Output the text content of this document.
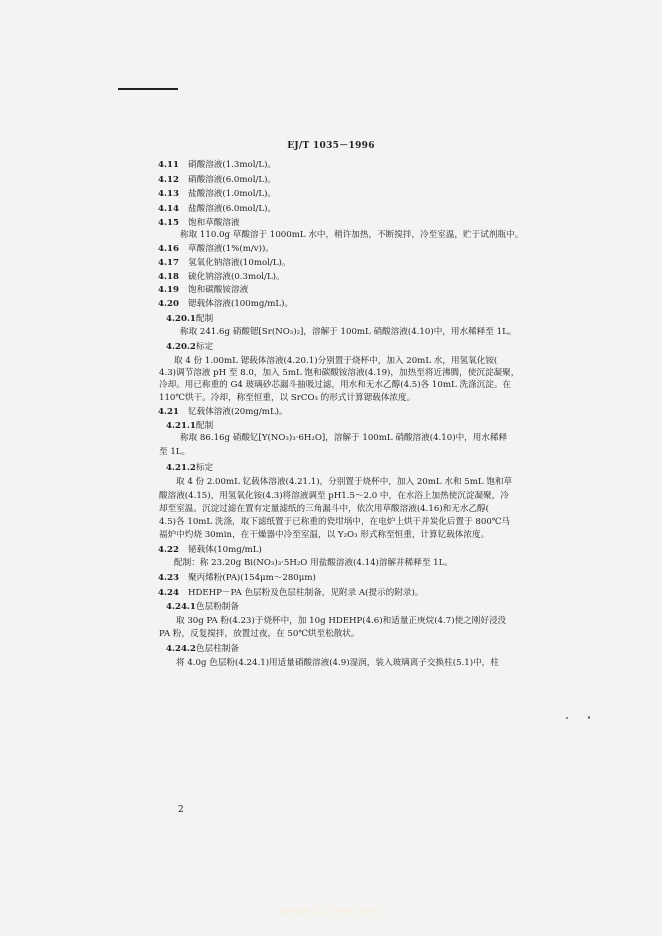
EJ/T 1035－1996
4.11 硝酸溶液(1.3mol/L)。
4.12 硝酸溶液(6.0mol/L)。
4.13 盐酸溶液(1.0mol/L)。
4.14 盐酸溶液(6.0mol/L)。
4.15 饱和草酸溶液
称取 110.0g 草酸溶于 1000mL 水中，稍许加热，不断搅拌，冷至室温，贮于试剂瓶中。
4.16 草酸溶液(1%(m/v))。
4.17 氢氧化钠溶液(10mol/L)。
4.18 硫化钠溶液(0.3mol/L)。
4.19 饱和碳酸铵溶液
4.20 锶载体溶液(100mg/mL)。
4.20.1配制
称取 241.6g 硝酸锶[Sr(NO₃)₂]，溶解于 100mL 硝酸溶液(4.10)中，用水稀释至 1L。
4.20.2标定
取 4 份 1.00mL 锶载体溶液(4.20.1)分别置于烧杯中，加入 20mL 水，用氢氧化铵(
4.3)调节溶液 pH 至 8.0，加入 5mL 饱和碳酸铵溶液(4.19)，加热至将近沸腾，使沉淀凝聚，
冷却。用已称重的 G4 玻璃砂芯漏斗抽吸过滤，用水和无水乙醇(4.5)各 10mL 洗涤沉淀。在
110℃烘干。冷却，称至恒重，以 SrCO₃ 的形式计算锶载体浓度。
4.21 钇载体溶液(20mg/mL)。
4.21.1配制
称取 86.16g 硝酸钇[Y(NO₃)₃·6H₂O]，溶解于 100mL 硝酸溶液(4.10)中，用水稀释
至 1L。
4.21.2标定
取 4 份 2.00mL 钇载体溶液(4.21.1)，分别置于烧杯中，加入 20mL 水和 5mL 饱和草
酸溶液(4.15)，用氢氧化铵(4.3)将溶液调至 pH1.5～2.0 中，在水浴上加热使沉淀凝聚，冷
却至室温。沉淀过滤在置有定量滤纸的三角漏斗中，依次用草酸溶液(4.16)和无水乙醇(
4.5)各 10mL 洗涤，取下滤纸置于已称重的瓷坩埚中，在电炉上烘干并炭化后置于 800℃马
福炉中灼烧 30min，在干燥器中冷至室温，以 Y₂O₃ 形式称至恒重，计算钇载体浓度。
4.22 铋载体(10mg/mL)
配制：称 23.20g Bi(NO₃)₃·5H₂O 用盐酸溶液(4.14)溶解并稀释至 1L。
4.23 聚丙烯粉(PA)(154μm～280μm)
4.24 HDEHP－PA 色层粉及色层柱制备，见附录 A(提示的附录)。
4.24.1色层粉制备
取 30g PA 粉(4.23)于烧杯中，加 10g HDEHP(4.6)和适量正庚烷(4.7)使之刚好浸没
PA 粉，反复搅拌，放置过夜，在 50℃烘至松散状。
4.24.2色层柱制备
将 4.0g 色层粉(4.24.1)用适量硝酸溶液(4.9)湿润，装入玻璃离子交换柱(5.1)中，柱
2
www.bzfxw.com
